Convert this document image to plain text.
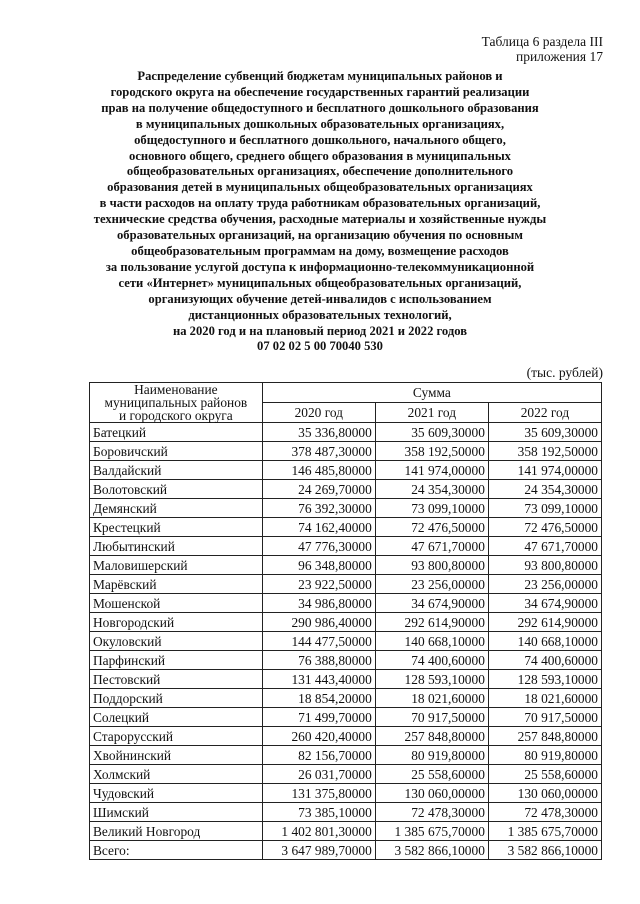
Таблица 6 раздела III
приложения 17
Распределение субвенций бюджетам муниципальных районов и
городского округа на обеспечение государственных гарантий реализации
прав на получение общедоступного и бесплатного дошкольного образования
в муниципальных дошкольных образовательных организациях,
общедоступного и бесплатного дошкольного, начального общего,
основного общего, среднего общего образования в муниципальных
общеобразовательных организациях, обеспечение дополнительного
образования детей в муниципальных общеобразовательных организациях
в части расходов на оплату труда работникам образовательных организаций,
технические средства обучения, расходные материалы и хозяйственные нужды
образовательных организаций, на организацию обучения по основным
общеобразовательным программам на дому, возмещение расходов
за пользование услугой доступа к информационно-телекоммуникационной
сети «Интернет» муниципальных общеобразовательных организаций,
организующих обучение детей-инвалидов с использованием
дистанционных образовательных технологий,
на 2020 год и на плановый период 2021 и 2022 годов
07 02 02 5 00 70040 530
(тыс. рублей)
Наименование
муниципальных районов
и городского округа	Сумма		
	2020 год	2021 год	2022 год
Батецкий	35 336,80000	35 609,30000	35 609,30000
Боровичский	378 487,30000	358 192,50000	358 192,50000
Валдайский	146 485,80000	141 974,00000	141 974,00000
Волотовский	24 269,70000	24 354,30000	24 354,30000
Демянский	76 392,30000	73 099,10000	73 099,10000
Крестецкий	74 162,40000	72 476,50000	72 476,50000
Любытинский	47 776,30000	47 671,70000	47 671,70000
Маловишерский	96 348,80000	93 800,80000	93 800,80000
Марёвский	23 922,50000	23 256,00000	23 256,00000
Мошенской	34 986,80000	34 674,90000	34 674,90000
Новгородский	290 986,40000	292 614,90000	292 614,90000
Окуловский	144 477,50000	140 668,10000	140 668,10000
Парфинский	76 388,80000	74 400,60000	74 400,60000
Пестовский	131 443,40000	128 593,10000	128 593,10000
Поддорский	18 854,20000	18 021,60000	18 021,60000
Солецкий	71 499,70000	70 917,50000	70 917,50000
Старорусский	260 420,40000	257 848,80000	257 848,80000
Хвойнинский	82 156,70000	80 919,80000	80 919,80000
Холмский	26 031,70000	25 558,60000	25 558,60000
Чудовский	131 375,80000	130 060,00000	130 060,00000
Шимский	73 385,10000	72 478,30000	72 478,30000
Великий Новгород	1 402 801,30000	1 385 675,70000	1 385 675,70000
Всего:	3 647 989,70000	3 582 866,10000	3 582 866,10000
